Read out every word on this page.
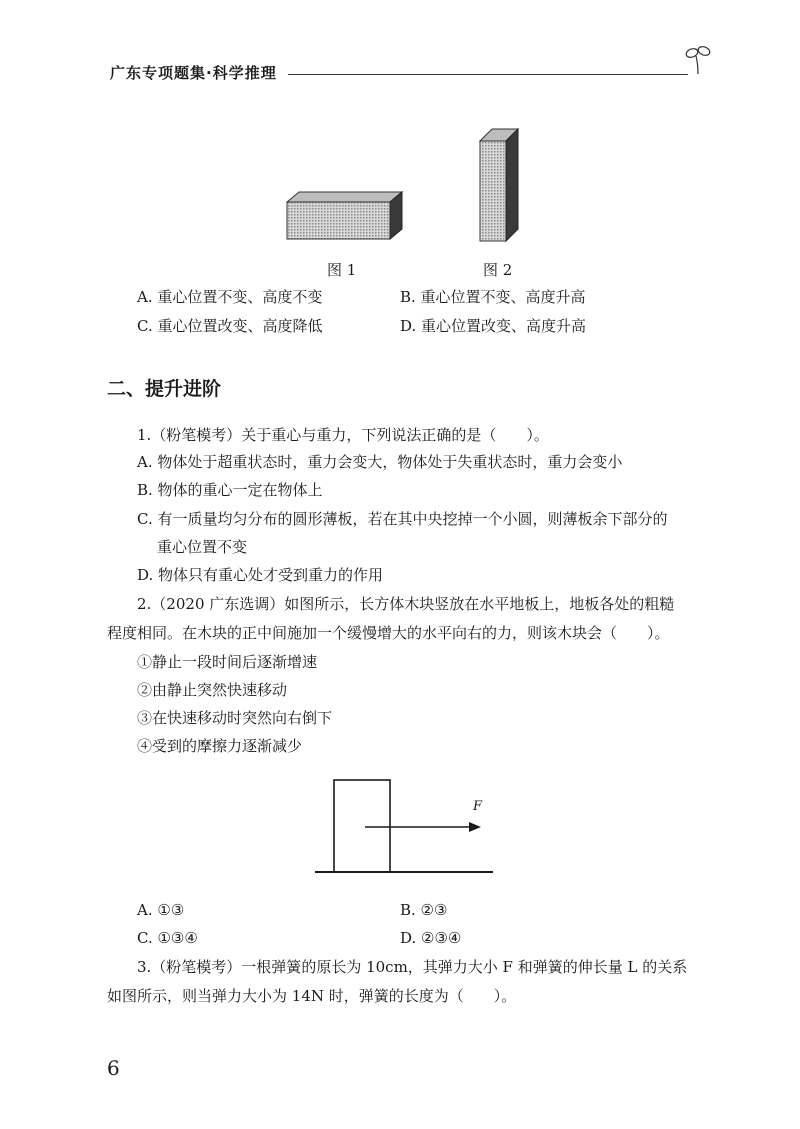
广东专项题集·科学推理
图 1	图 2
A. 重心位置不变、高度不变	B. 重心位置不变、高度升高
C. 重心位置改变、高度降低	D. 重心位置改变、高度升高
二、提升进阶
1.（粉笔模考）关于重心与重力，下列说法正确的是（　　）。
A. 物体处于超重状态时，重力会变大，物体处于失重状态时，重力会变小
B. 物体的重心一定在物体上
C. 有一质量均匀分布的圆形薄板，若在其中央挖掉一个小圆，则薄板余下部分的
重心位置不变
D. 物体只有重心处才受到重力的作用
2.（2020 广东选调）如图所示，长方体木块竖放在水平地板上，地板各处的粗糙
程度相同。在木块的正中间施加一个缓慢增大的水平向右的力，则该木块会（　　）。
①静止一段时间后逐渐增速
②由静止突然快速移动
③在快速移动时突然向右倒下
④受到的摩擦力逐渐减少
F
A. ①③	B. ②③
C. ①③④	D. ②③④
3.（粉笔模考）一根弹簧的原长为 10cm，其弹力大小 F 和弹簧的伸长量 L 的关系
如图所示，则当弹力大小为 14N 时，弹簧的长度为（　　）。
6
